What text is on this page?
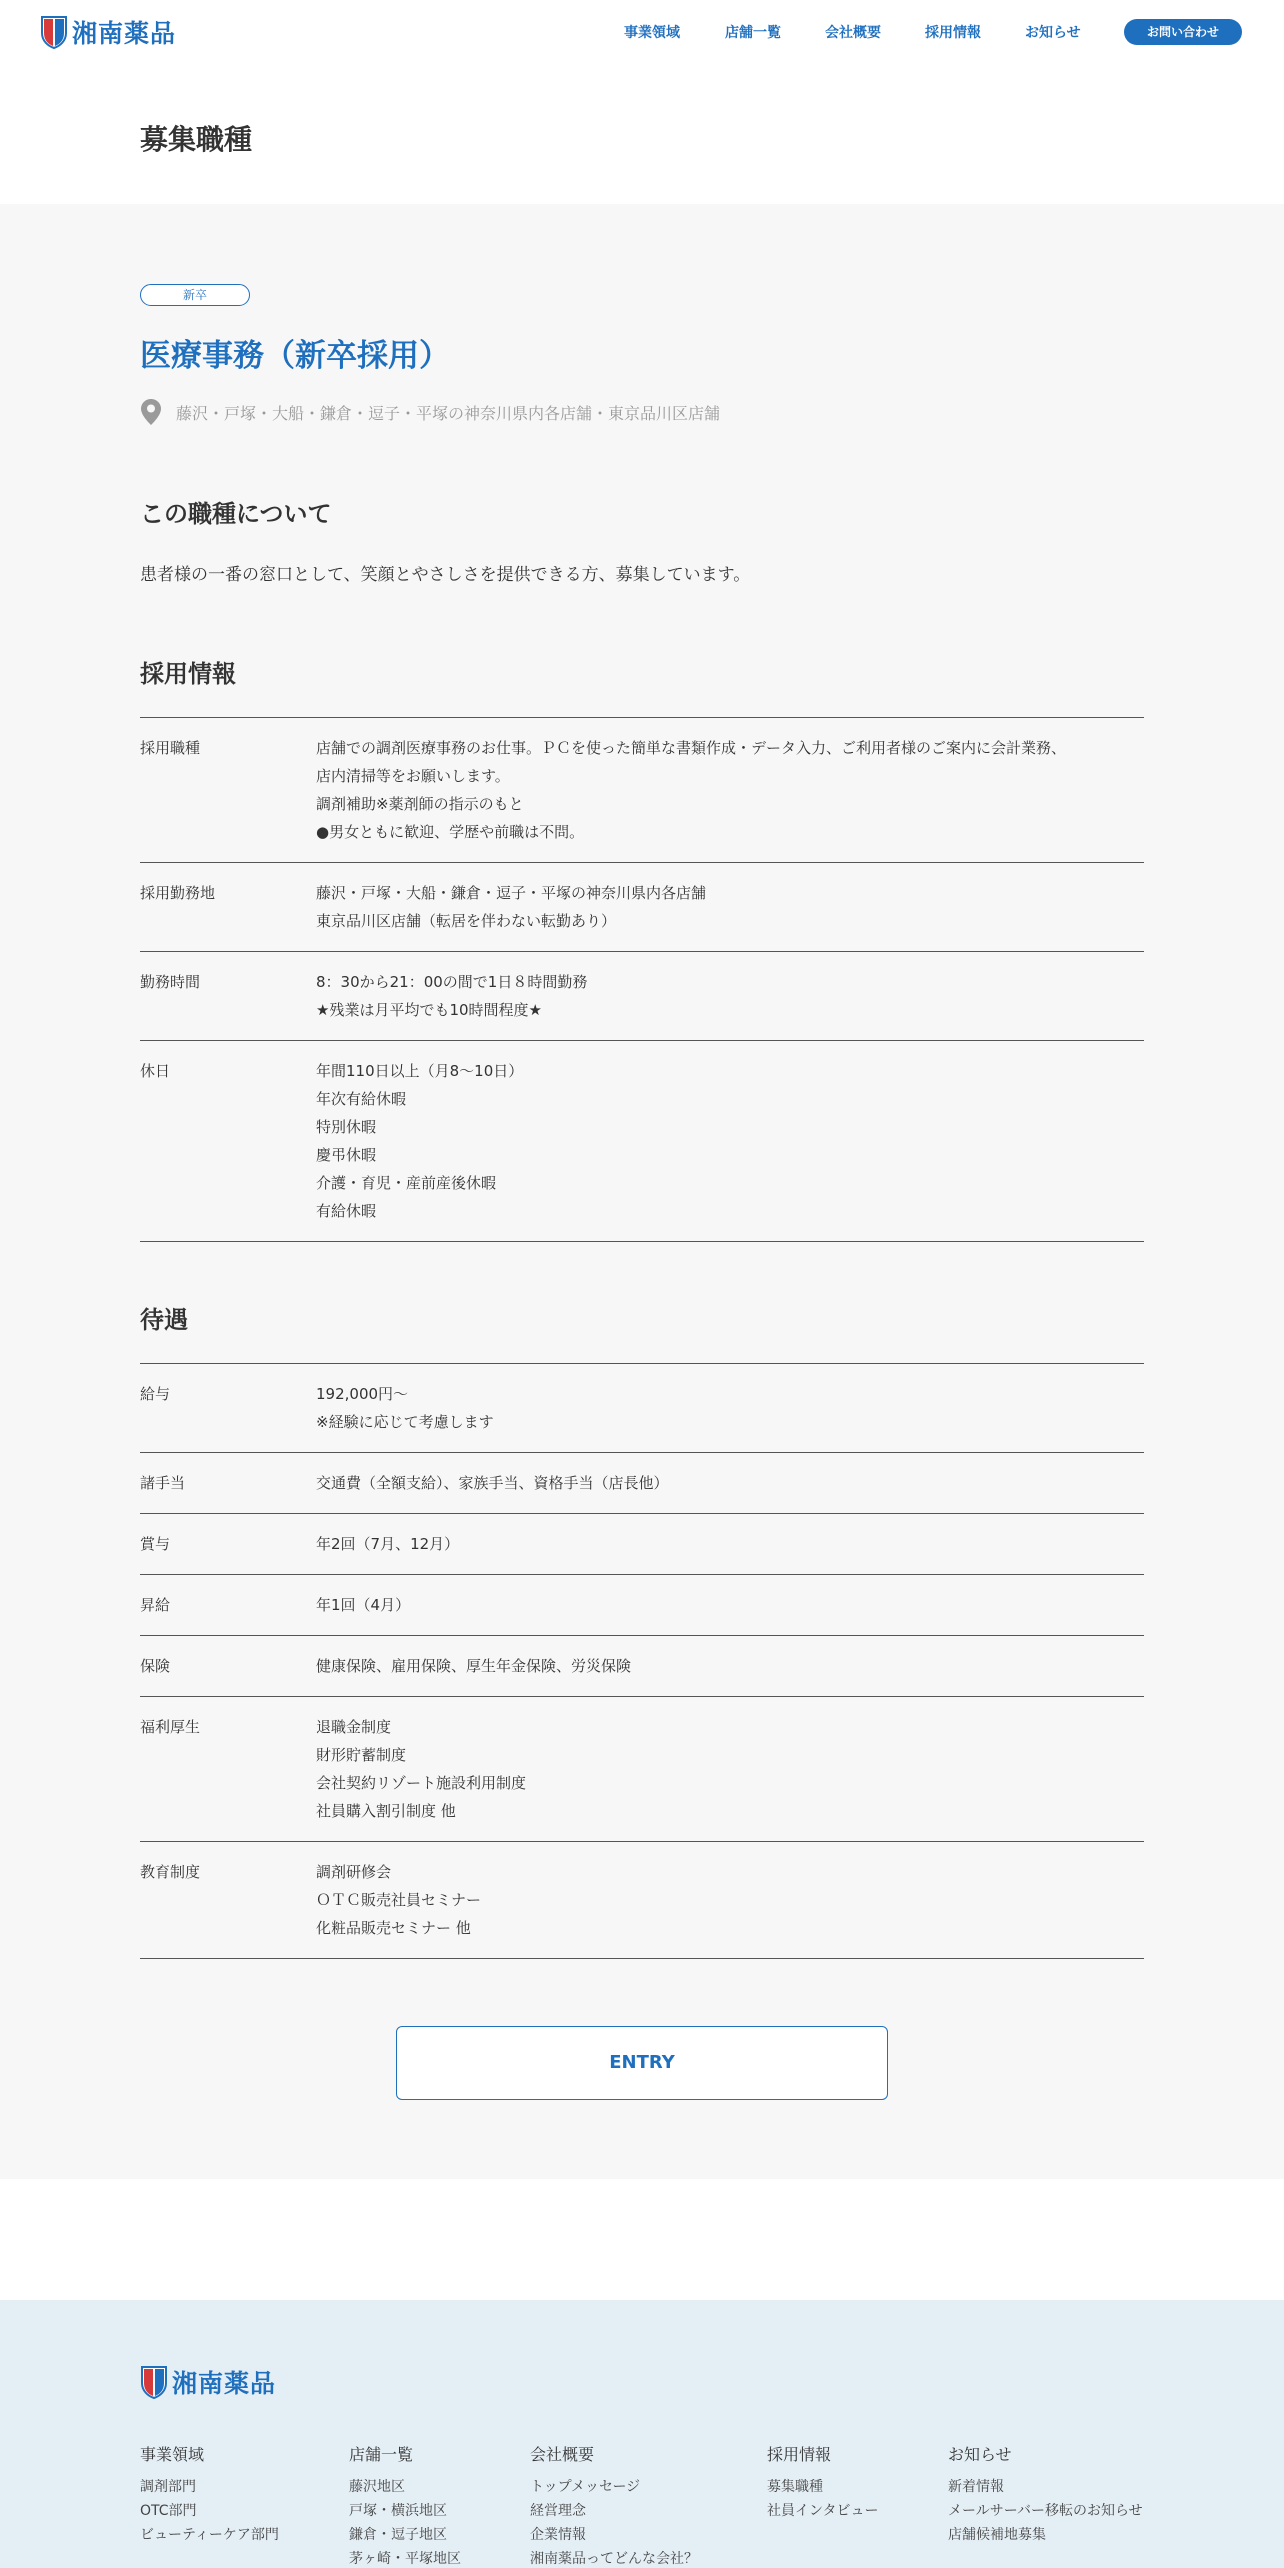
湘南薬品	事業領域	店舗一覧	会社概要	採用情報	お知らせ	お問い合わせ
募集職種
新卒
医療事務（新卒採用）
藤沢・戸塚・大船・鎌倉・逗子・平塚の神奈川県内各店舗・東京品川区店舗
この職種について

患者様の一番の窓口として、笑顔とやさしさを提供できる方、募集しています。

採用情報
採用職種	店舗での調剤医療事務のお仕事。ＰＣを使った簡単な書類作成・データ入力、ご利用者様のご案内に会計業務、
店内清掃等をお願いします。
調剤補助※薬剤師の指示のもと
●男女ともに歓迎、学歴や前職は不問。
採用勤務地	藤沢・戸塚・大船・鎌倉・逗子・平塚の神奈川県内各店舗
東京品川区店舗（転居を伴わない転勤あり）
勤務時間	8：30から21：00の間で1日８時間勤務
★残業は月平均でも10時間程度★
休日	年間110日以上（月8～10日）
年次有給休暇
特別休暇
慶弔休暇
介護・育児・産前産後休暇
有給休暇
待遇
給与	192,000円～
※経験に応じて考慮します
諸手当	交通費（全額支給）、家族手当、資格手当（店長他）
賞与	年2回（7月、12月）
昇給	年1回（4月）
保険	健康保険、雇用保険、厚生年金保険、労災保険
福利厚生	退職金制度
財形貯蓄制度
会社契約リゾート施設利用制度
社員購入割引制度 他
教育制度	調剤研修会
ＯＴＣ販売社員セミナー
化粧品販売セミナー 他
ENTRY
湘南薬品
事業領域
調剤部門
OTC部門
ビューティーケア部門
店舗一覧
藤沢地区
戸塚・横浜地区
鎌倉・逗子地区
茅ヶ崎・平塚地区
会社概要
トップメッセージ
経営理念
企業情報
湘南薬品ってどんな会社？
採用情報
募集職種
社員インタビュー
お知らせ
新着情報
メールサーバー移転のお知らせ
店舗候補地募集
